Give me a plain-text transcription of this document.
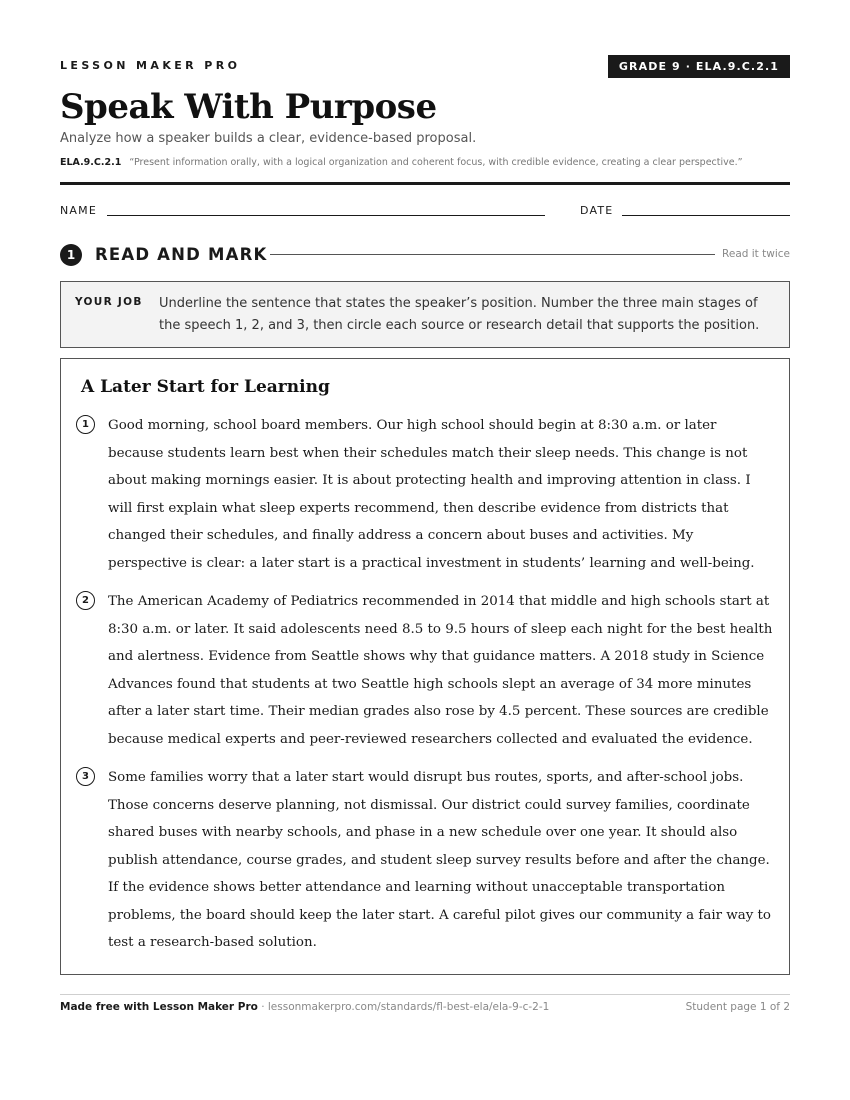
LESSON MAKER PRO	GRADE 9 · ELA.9.C.2.1
Speak With Purpose
Analyze how a speaker builds a clear, evidence-based proposal.
ELA.9.C.2.1 “Present information orally, with a logical organization and coherent focus, with credible evidence, creating a clear perspective.”
NAME	DATE
1	READ AND MARK	Read it twice
YOUR JOB Underline the sentence that states the speaker’s position. Number the three main stages of the speech 1, 2, and 3, then circle each source or research detail that supports the position.
A Later Start for Learning
1	Good morning, school board members. Our high school should begin at 8:30 a.m. or later because students learn best when their schedules match their sleep needs. This change is not about making mornings easier. It is about protecting health and improving attention in class. I will first explain what sleep experts recommend, then describe evidence from districts that changed their schedules, and finally address a concern about buses and activities. My perspective is clear: a later start is a practical investment in students’ learning and well-being.
2	The American Academy of Pediatrics recommended in 2014 that middle and high schools start at 8:30 a.m. or later. It said adolescents need 8.5 to 9.5 hours of sleep each night for the best health and alertness. Evidence from Seattle shows why that guidance matters. A 2018 study in Science Advances found that students at two Seattle high schools slept an average of 34 more minutes after a later start time. Their median grades also rose by 4.5 percent. These sources are credible because medical experts and peer-reviewed researchers collected and evaluated the evidence.
3	Some families worry that a later start would disrupt bus routes, sports, and after-school jobs. Those concerns deserve planning, not dismissal. Our district could survey families, coordinate shared buses with nearby schools, and phase in a new schedule over one year. It should also publish attendance, course grades, and student sleep survey results before and after the change. If the evidence shows better attendance and learning without unacceptable transportation problems, the board should keep the later start. A careful pilot gives our community a fair way to test a research-based solution.
Made free with Lesson Maker Pro · lessonmakerpro.com/standards/fl-best-ela/ela-9-c-2-1	Student page 1 of 2
